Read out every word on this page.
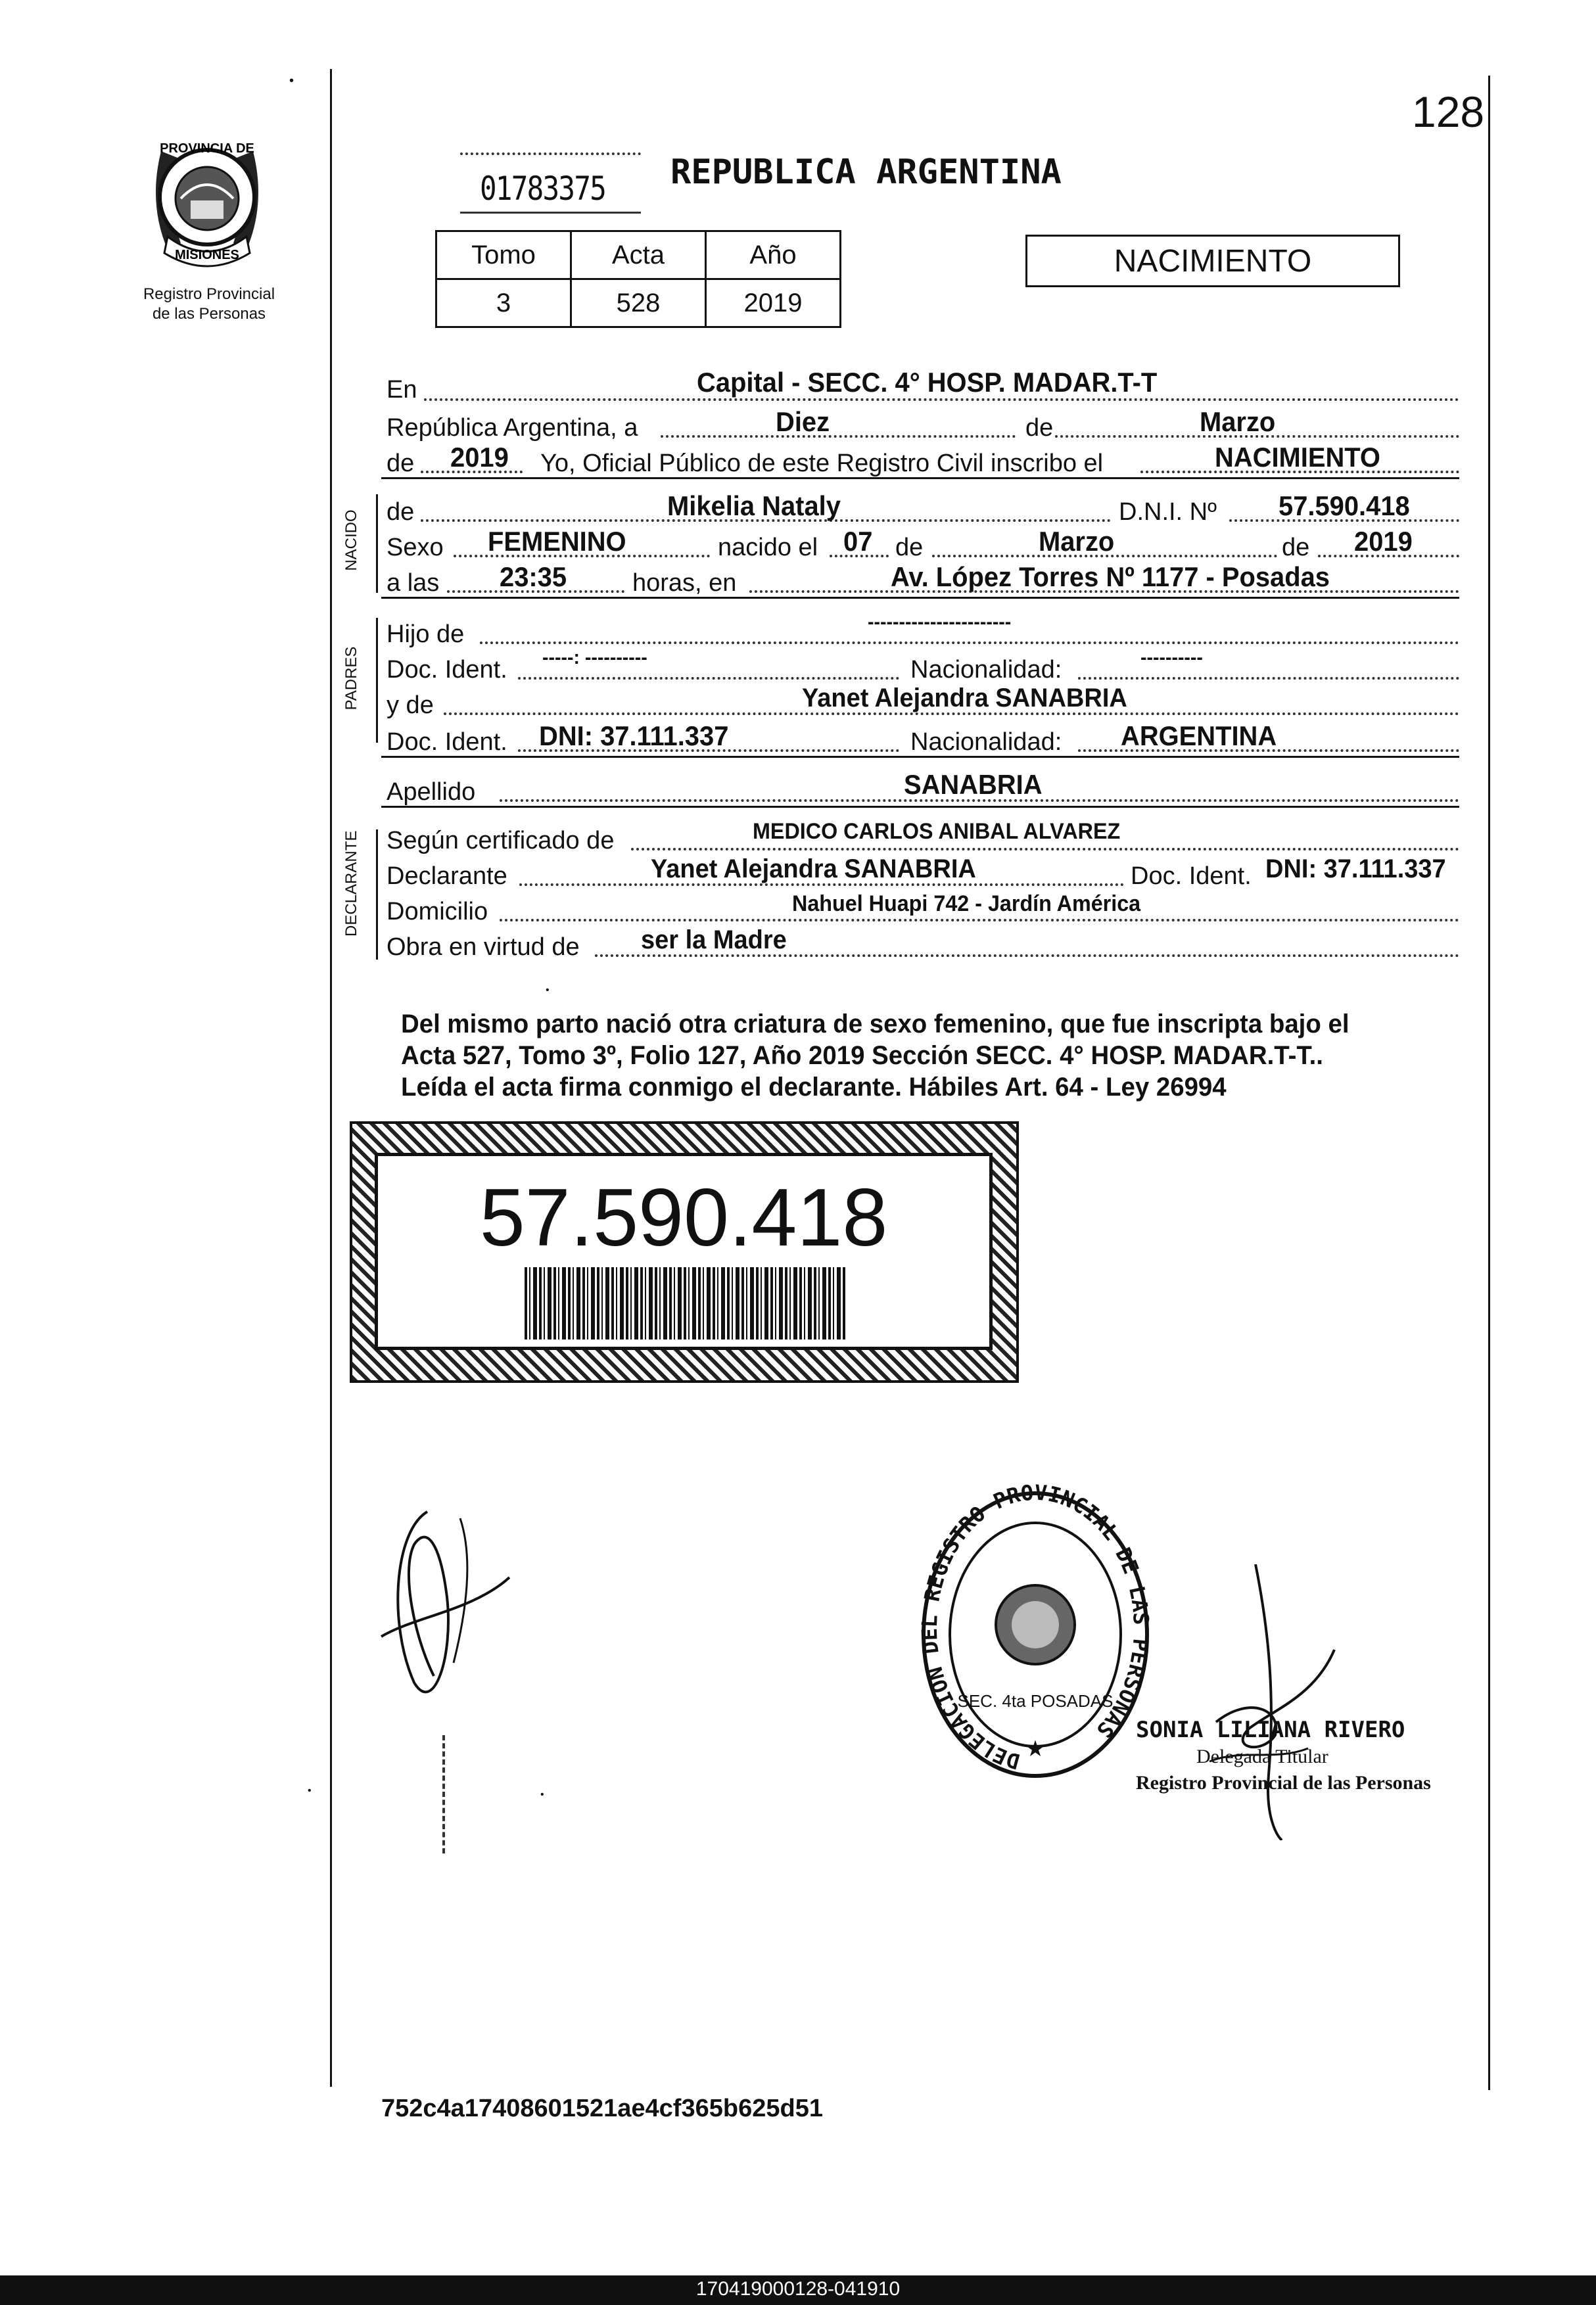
128
PROVINCIA DE
MISIONES
Registro Provincial
de las Personas
01783375 REPUBLICA ARGENTINA
NACIMIENTO
Tomo	Acta	Año
3	528	2019
NACIDO
PADRES
DECLARANTE
En	Capital - SECC. 4° HOSP. MADAR.T-T
República Argentina, a	Diez	de	Marzo
de 2019 Yo, Oficial Público de este Registro Civil inscribo el	NACIMIENTO
de	Mikelia Nataly	D.N.I. Nº 57.590.418
Sexo FEMENINO	nacido el 07 de	Marzo	de 2019
a las 23:35	horas, en	Av. López Torres Nº 1177 - Posadas
Hijo de	-----------------------
Doc. Ident. -----: ----------	Nacionalidad:	----------
y de	Yanet Alejandra SANABRIA
Doc. Ident. DNI: 37.111.337	Nacionalidad: ARGENTINA
Apellido	SANABRIA
Según certificado de	MEDICO CARLOS ANIBAL ALVAREZ
Declarante	Yanet Alejandra SANABRIA	Doc. Ident. DNI: 37.111.337
Domicilio	Nahuel Huapi 742 - Jardín América
Obra en virtud de ser la Madre
Del mismo parto nació otra criatura de sexo femenino, que fue inscripta bajo el
Acta 527, Tomo 3º, Folio 127, Año 2019 Sección SECC. 4° HOSP. MADAR.T-T..
Leída el acta firma conmigo el declarante. Hábiles Art. 64 - Ley 26994
57.590.418
DELEGACION DEL REGISTRO PROVINCIAL DE LAS PERSONAS
SEC. 4ta POSADAS
★
SONIA LILIANA RIVERO
Delegada Titular
Registro Provincial de las Personas
•
•	•
•
752c4a17408601521ae4cf365b625d51
170419000128-041910
